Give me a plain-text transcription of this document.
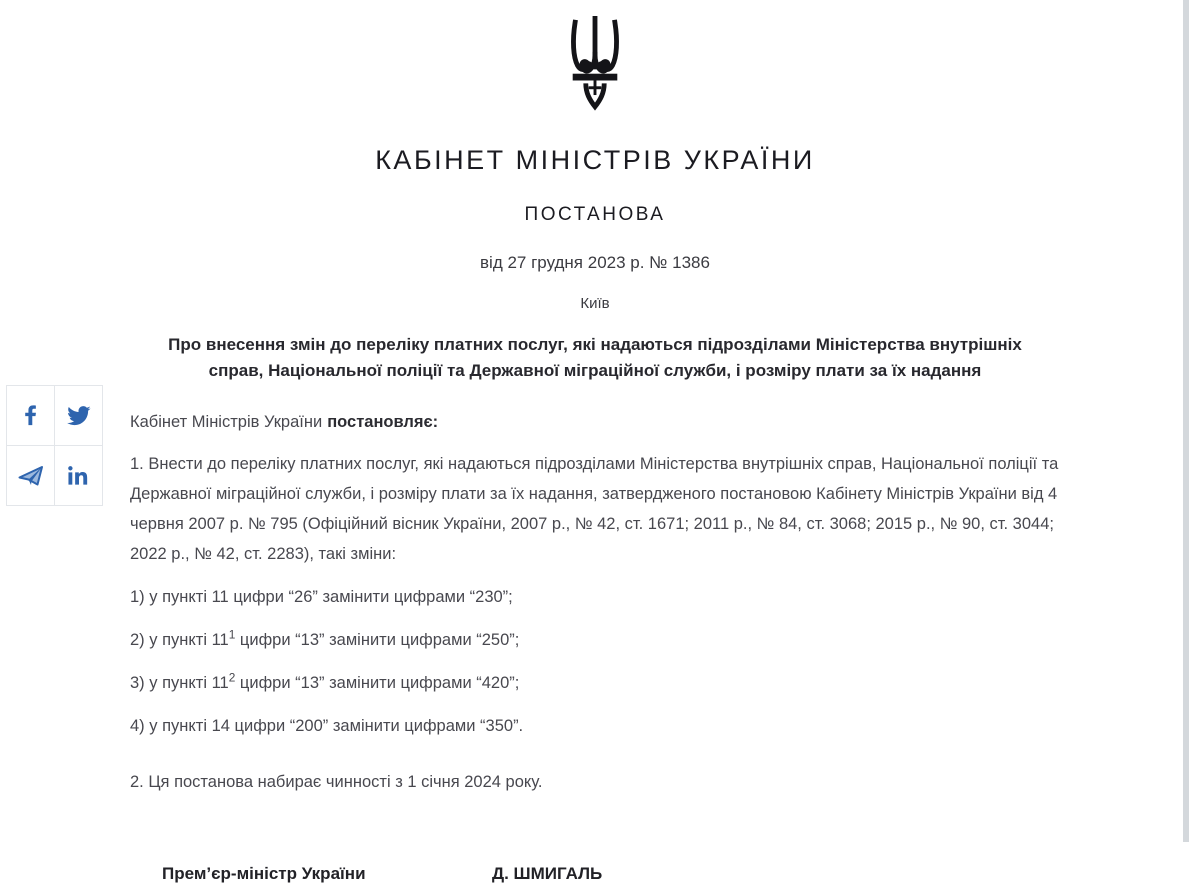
КАБІНЕТ МІНІСТРІВ УКРАЇНИ
ПОСТАНОВА
від 27 грудня 2023 р. № 1386
Київ
Про внесення змін до переліку платних послуг, які надаються підрозділами Міністерства внутрішніх справ, Національної поліції та Державної міграційної служби, і розміру плати за їх надання

Кабінет Міністрів України постановляє:

1. Внести до переліку платних послуг, які надаються підрозділами Міністерства внутрішніх справ, Національної поліції та Державної міграційної служби, і розміру плати за їх надання, затвердженого постановою Кабінету Міністрів України від 4 червня 2007 р. № 795 (Офіційний вісник України, 2007 р., № 42, ст. 1671; 2011 р., № 84, ст. 3068; 2015 р., № 90, ст. 3044; 2022 р., № 42, ст. 2283), такі зміни:

1) у пункті 11 цифри “26” замінити цифрами “230”;

2) у пункті $11^1$ цифри “13” замінити цифрами “250”;

3) у пункті $11^2$ цифри “13” замінити цифрами “420”;

4) у пункті 14 цифри “200” замінити цифрами “350”.

2. Ця постанова набирає чинності з 1 січня 2024 року.

Прем’єр-міністр України	Д. ШМИГАЛЬ
